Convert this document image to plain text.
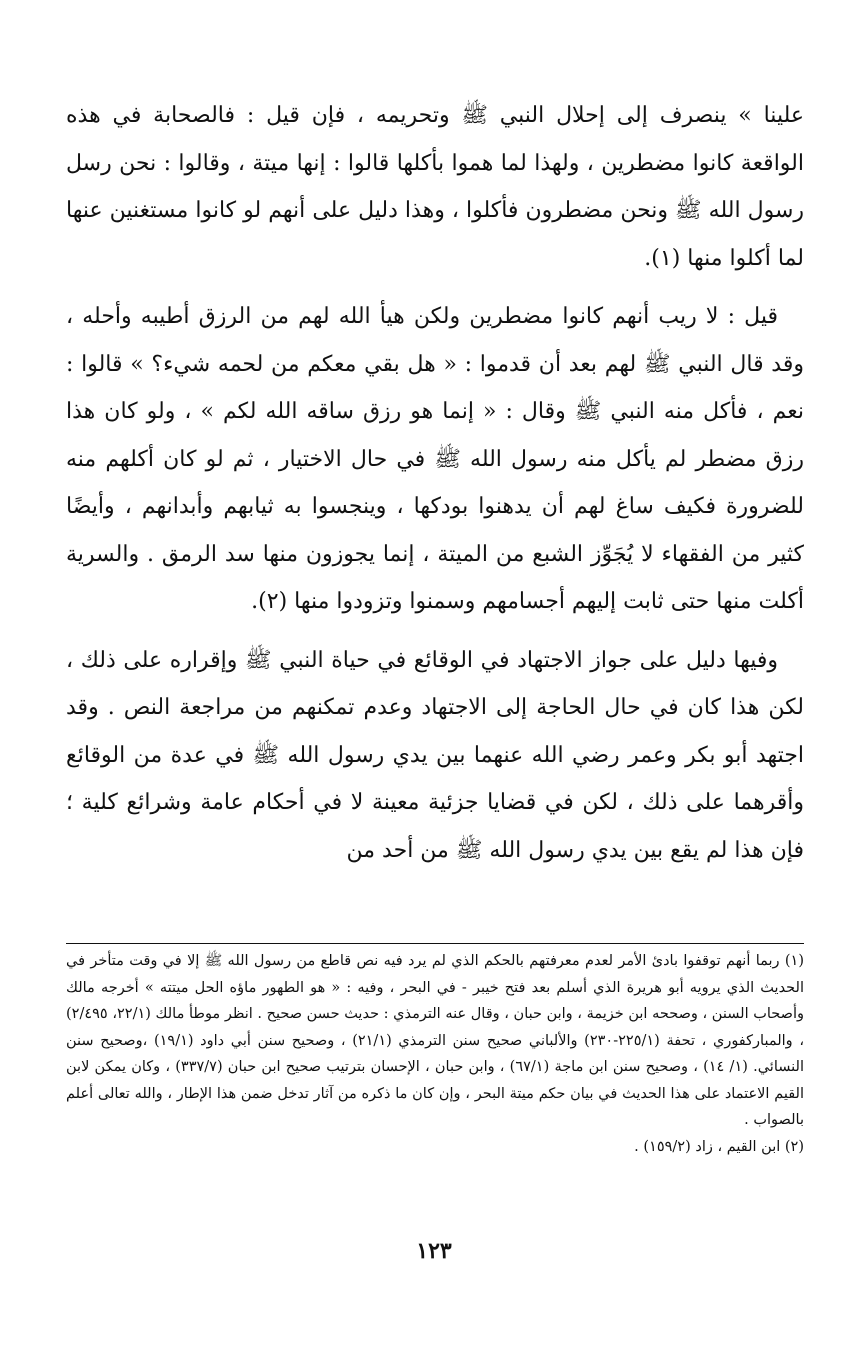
علينا » ينصرف إلى إحلال النبي ﷺ وتحريمه ، فإن قيل : فالصحابة في هذه الواقعة كانوا مضطرين ، ولهذا لما هموا بأكلها قالوا : إنها ميتة ، وقالوا : نحن رسل رسول الله ﷺ ونحن مضطرون فأكلوا ، وهذا دليل على أنهم لو كانوا مستغنين عنها لما أكلوا منها (١).

قيل : لا ريب أنهم كانوا مضطرين ولكن هيأ الله لهم من الرزق أطيبه وأحله ، وقد قال النبي ﷺ لهم بعد أن قدموا : « هل بقي معكم من لحمه شيء؟ » قالوا : نعم ، فأكل منه النبي ﷺ وقال : « إنما هو رزق ساقه الله لكم » ، ولو كان هذا رزق مضطر لم يأكل منه رسول الله ﷺ في حال الاختيار ، ثم لو كان أكلهم منه للضرورة فكيف ساغ لهم أن يدهنوا بودكها ، وينجسوا به ثيابهم وأبدانهم ، وأيضًا كثير من الفقهاء لا يُجَوِّز الشبع من الميتة ، إنما يجوزون منها سد الرمق . والسرية أكلت منها حتى ثابت إليهم أجسامهم وسمنوا وتزودوا منها (٢).

وفيها دليل على جواز الاجتهاد في الوقائع في حياة النبي ﷺ وإقراره على ذلك ، لكن هذا كان في حال الحاجة إلى الاجتهاد وعدم تمكنهم من مراجعة النص . وقد اجتهد أبو بكر وعمر رضي الله عنهما بين يدي رسول الله ﷺ في عدة من الوقائع وأقرهما على ذلك ، لكن في قضايا جزئية معينة لا في أحكام عامة وشرائع كلية ؛ فإن هذا لم يقع بين يدي رسول الله ﷺ من أحد من

(١) ربما أنهم توقفوا بادئ الأمر لعدم معرفتهم بالحكم الذي لم يرد فيه نص قاطع من رسول الله ﷺ إلا في وقت متأخر في الحديث الذي يرويه أبو هريرة الذي أسلم بعد فتح خيبر - في البحر ، وفيه : « هو الطهور ماؤه الحل ميتته » أخرجه مالك وأصحاب السنن ، وصححه ابن خزيمة ، وابن حبان ، وقال عنه الترمذي : حديث حسن صحيح . انظر موطأ مالك (٢٢/١، ٢/٤٩٥) ، والمباركفوري ، تحفة (٢٢٥/١-٢٣٠) والألباني صحيح سنن الترمذي (٢١/١) ، وصحيح سنن أبي داود (١٩/١) ،وصحيح سنن النسائي. (١/ ١٤) ، وصحيح سنن ابن ماجة (٦٧/١) ، وابن حبان ، الإحسان بترتيب صحيح ابن حبان (٣٣٧/٧) ، وكان يمكن لابن القيم الاعتماد على هذا الحديث في بيان حكم ميتة البحر ، وإن كان ما ذكره من آثار تدخل ضمن هذا الإطار ، والله تعالى أعلم بالصواب .

(٢) ابن القيم ، زاد (١٥٩/٢) .

١٢٣
